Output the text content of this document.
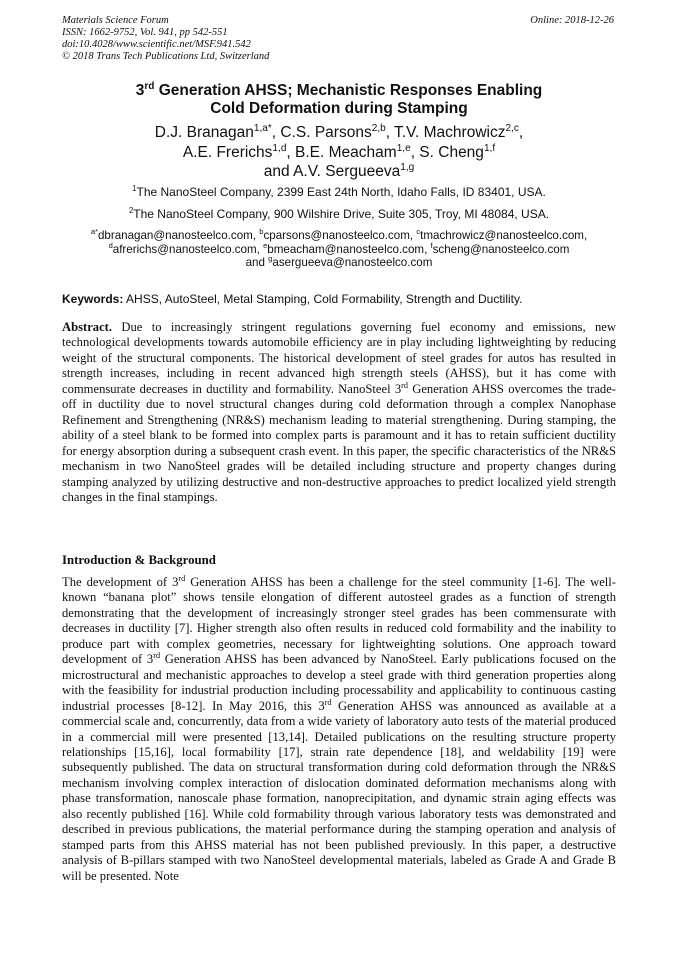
Materials Science Forum
ISSN: 1662-9752, Vol. 941, pp 542-551
doi:10.4028/www.scientific.net/MSF.941.542
© 2018 Trans Tech Publications Ltd, Switzerland
Online: 2018-12-26
3rd Generation AHSS; Mechanistic Responses Enabling
Cold Deformation during Stamping
D.J. Branagan$^{1,a*}$, C.S. Parsons$^{2,b}$, T.V. Machrowicz$^{2,c}$,
A.E. Frerichs$^{1,d}$, B.E. Meacham$^{1,e}$, S. Cheng$^{1,f}$
and A.V. Sergueeva$^{1,g}$
$^1$The NanoSteel Company, 2399 East 24th North, Idaho Falls, ID 83401, USA.
$^2$The NanoSteel Company, 900 Wilshire Drive, Suite 305, Troy, MI 48084, USA.
$^{a*}$dbranagan@nanosteelco.com, $^b$cparsons@nanosteelco.com, $^c$tmachrowicz@nanosteelco.com,
$^d$afrerichs@nanosteelco.com, $^e$bmeacham@nanosteelco.com, $^f$scheng@nanosteelco.com
and $^g$asergueeva@nanosteelco.com
Keywords: AHSS, AutoSteel, Metal Stamping, Cold Formability, Strength and Ductility.
Abstract. Due to increasingly stringent regulations governing fuel economy and emissions, new technological developments towards automobile efficiency are in play including lightweighting by reducing weight of the structural components. The historical development of steel grades for autos has resulted in strength increases, including in recent advanced high strength steels (AHSS), but it has come with commensurate decreases in ductility and formability. NanoSteel 3rd Generation AHSS overcomes the trade-off in ductility due to novel structural changes during cold deformation through a complex Nanophase Refinement and Strengthening (NR&S) mechanism leading to material strengthening. During stamping, the ability of a steel blank to be formed into complex parts is paramount and it has to retain sufficient ductility for energy absorption during a subsequent crash event. In this paper, the specific characteristics of the NR&S mechanism in two NanoSteel grades will be detailed including structure and property changes during stamping analyzed by utilizing destructive and non-destructive approaches to predict localized yield strength changes in the final stampings.
Introduction & Background
The development of 3rd Generation AHSS has been a challenge for the steel community [1-6]. The well-known “banana plot” shows tensile elongation of different autosteel grades as a function of strength demonstrating that the development of increasingly stronger steel grades has been commensurate with decreases in ductility [7]. Higher strength also often results in reduced cold formability and the inability to produce part with complex geometries, necessary for lightweighting solutions. One approach toward development of 3rd Generation AHSS has been advanced by NanoSteel. Early publications focused on the microstructural and mechanistic approaches to develop a steel grade with third generation properties along with the feasibility for industrial production including processability and applicability to continuous casting industrial processes [8-12]. In May 2016, this 3rd Generation AHSS was announced as available at a commercial scale and, concurrently, data from a wide variety of laboratory auto tests of the material produced in a commercial mill were presented [13,14]. Detailed publications on the resulting structure property relationships [15,16], local formability [17], strain rate dependence [18], and weldability [19] were subsequently published. The data on structural transformation during cold deformation through the NR&S mechanism involving complex interaction of dislocation dominated deformation mechanisms along with phase transformation, nanoscale phase formation, nanoprecipitation, and dynamic strain aging effects was also recently published [16]. While cold formability through various laboratory tests was demonstrated and described in previous publications, the material performance during the stamping operation and analysis of stamped parts from this AHSS material has not been published previously. In this paper, a destructive analysis of B-pillars stamped with two NanoSteel developmental materials, labeled as Grade A and Grade B will be presented. Note
